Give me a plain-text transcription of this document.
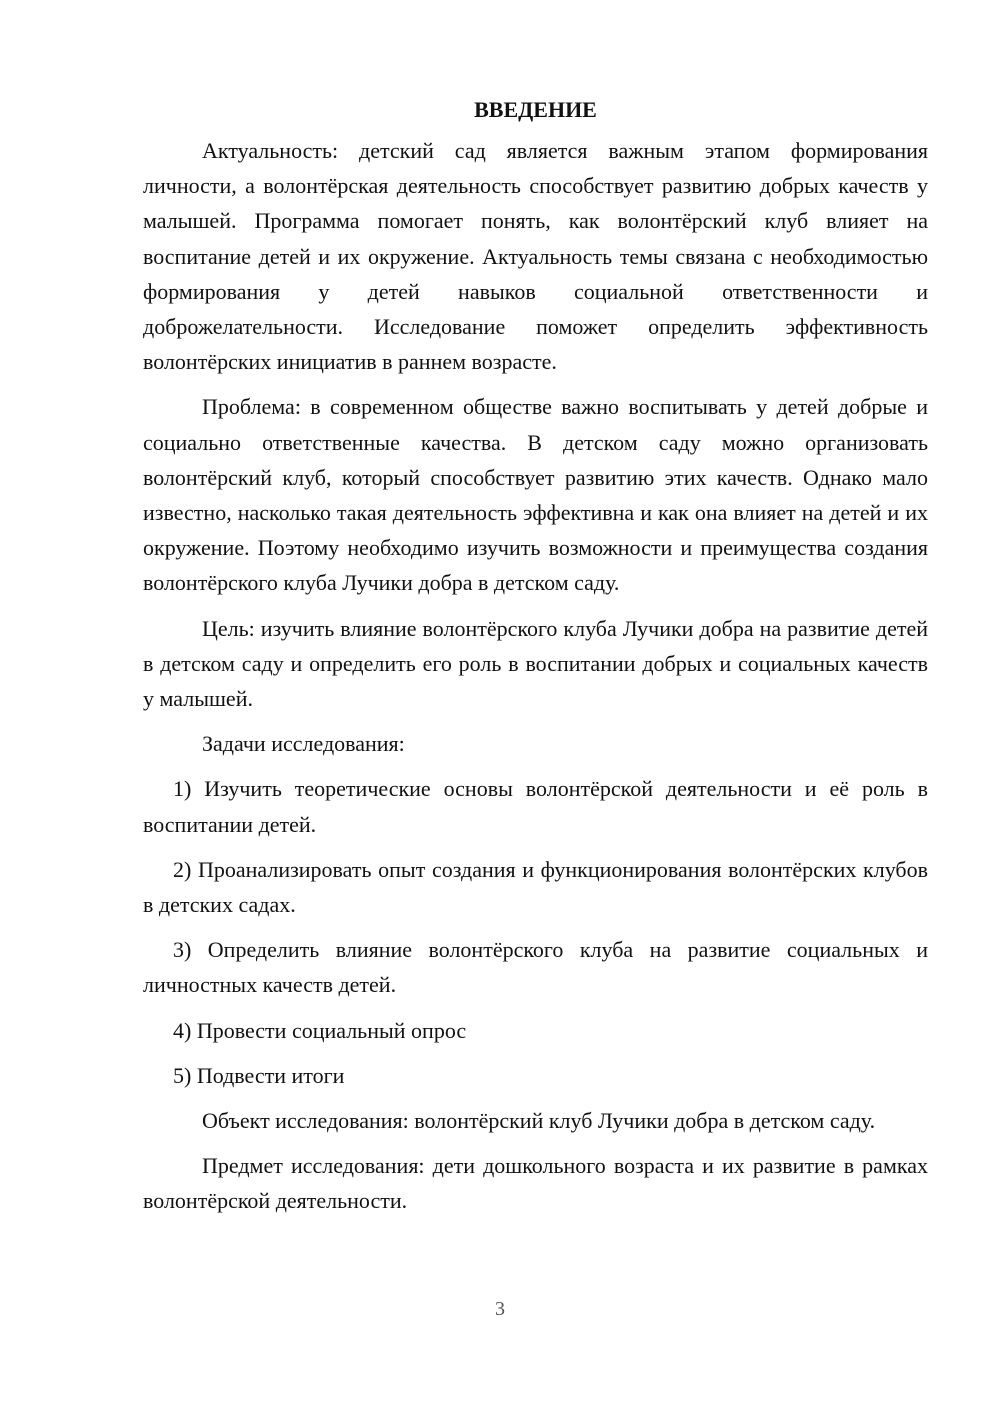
ВВЕДЕНИЕ

Актуальность: детский сад является важным этапом формирования личности, а волонтёрская деятельность способствует развитию добрых качеств у малышей. Программа помогает понять, как волонтёрский клуб влияет на воспитание детей и их окружение. Актуальность темы связана с необходимостью формирования у детей навыков социальной ответственности и доброжелательности. Исследование поможет определить эффективность волонтёрских инициатив в раннем возрасте.

Проблема: в современном обществе важно воспитывать у детей добрые и социально ответственные качества. В детском саду можно организовать волонтёрский клуб, который способствует развитию этих качеств. Однако мало известно, насколько такая деятельность эффективна и как она влияет на детей и их окружение. Поэтому необходимо изучить возможности и преимущества создания волонтёрского клуба Лучики добра в детском саду.

Цель: изучить влияние волонтёрского клуба Лучики добра на развитие детей в детском саду и определить его роль в воспитании добрых и социальных качеств у малышей.

Задачи исследования:

1) Изучить теоретические основы волонтёрской деятельности и её роль в воспитании детей.

2) Проанализировать опыт создания и функционирования волонтёрских клубов в детских садах.

3) Определить влияние волонтёрского клуба на развитие социальных и личностных качеств детей.

4) Провести социальный опрос

5) Подвести итоги

Объект исследования: волонтёрский клуб Лучики добра в детском саду.

Предмет исследования: дети дошкольного возраста и их развитие в рамках волонтёрской деятельности.

3
